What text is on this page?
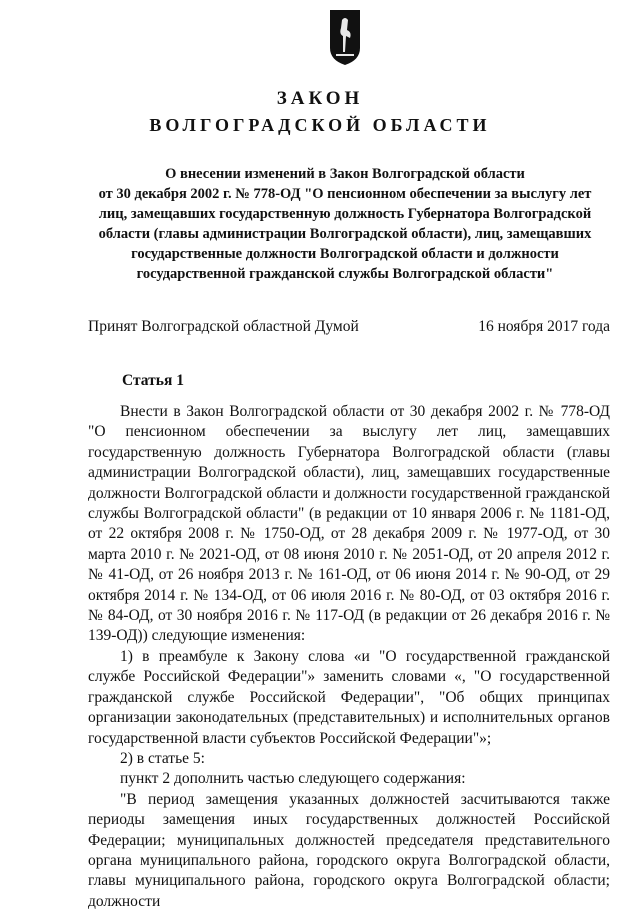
ЗАКОН
ВОЛГОГРАДСКОЙ ОБЛАСТИ
О внесении изменений в Закон Волгоградской области
от 30 декабря 2002 г. № 778-ОД "О пенсионном обеспечении за выслугу лет
лиц, замещавших государственную должность Губернатора Волгоградской
области (главы администрации Волгоградской области), лиц, замещавших
государственные должности Волгоградской области и должности
государственной гражданской службы Волгоградской области"
Принят Волгоградской областной Думой	16 ноября 2017 года
Статья 1

Внести в Закон Волгоградской области от 30 декабря 2002 г. № 778-ОД "О пенсионном обеспечении за выслугу лет лиц, замещавших государственную должность Губернатора Волгоградской области (главы администрации Волгоградской области), лиц, замещавших государственные должности Волгоградской области и должности государственной гражданской службы Волгоградской области" (в редакции от 10 января 2006 г. № 1181-ОД, от 22 октября 2008 г. № 1750-ОД, от 28 декабря 2009 г. № 1977-ОД, от 30 марта 2010 г. № 2021-ОД, от 08 июня 2010 г. № 2051-ОД, от 20 апреля 2012 г. № 41-ОД, от 26 ноября 2013 г. № 161-ОД, от 06 июня 2014 г. № 90-ОД, от 29 октября 2014 г. № 134-ОД, от 06 июля 2016 г. № 80-ОД, от 03 октября 2016 г. № 84-ОД, от 30 ноября 2016 г. № 117-ОД (в редакции от 26 декабря 2016 г. № 139-ОД)) следующие изменения:

1) в преамбуле к Закону слова «и "О государственной гражданской службе Российской Федерации"» заменить словами «, "О государственной гражданской службе Российской Федерации", "Об общих принципах организации законодательных (представительных) и исполнительных органов государственной власти субъектов Российской Федерации"»;

2) в статье 5:

пункт 2 дополнить частью следующего содержания:

"В период замещения указанных должностей засчитываются также периоды замещения иных государственных должностей Российской Федерации; муниципальных должностей председателя представительного органа муниципального района, городского округа Волгоградской области, главы муниципального района, городского округа Волгоградской области; должности
